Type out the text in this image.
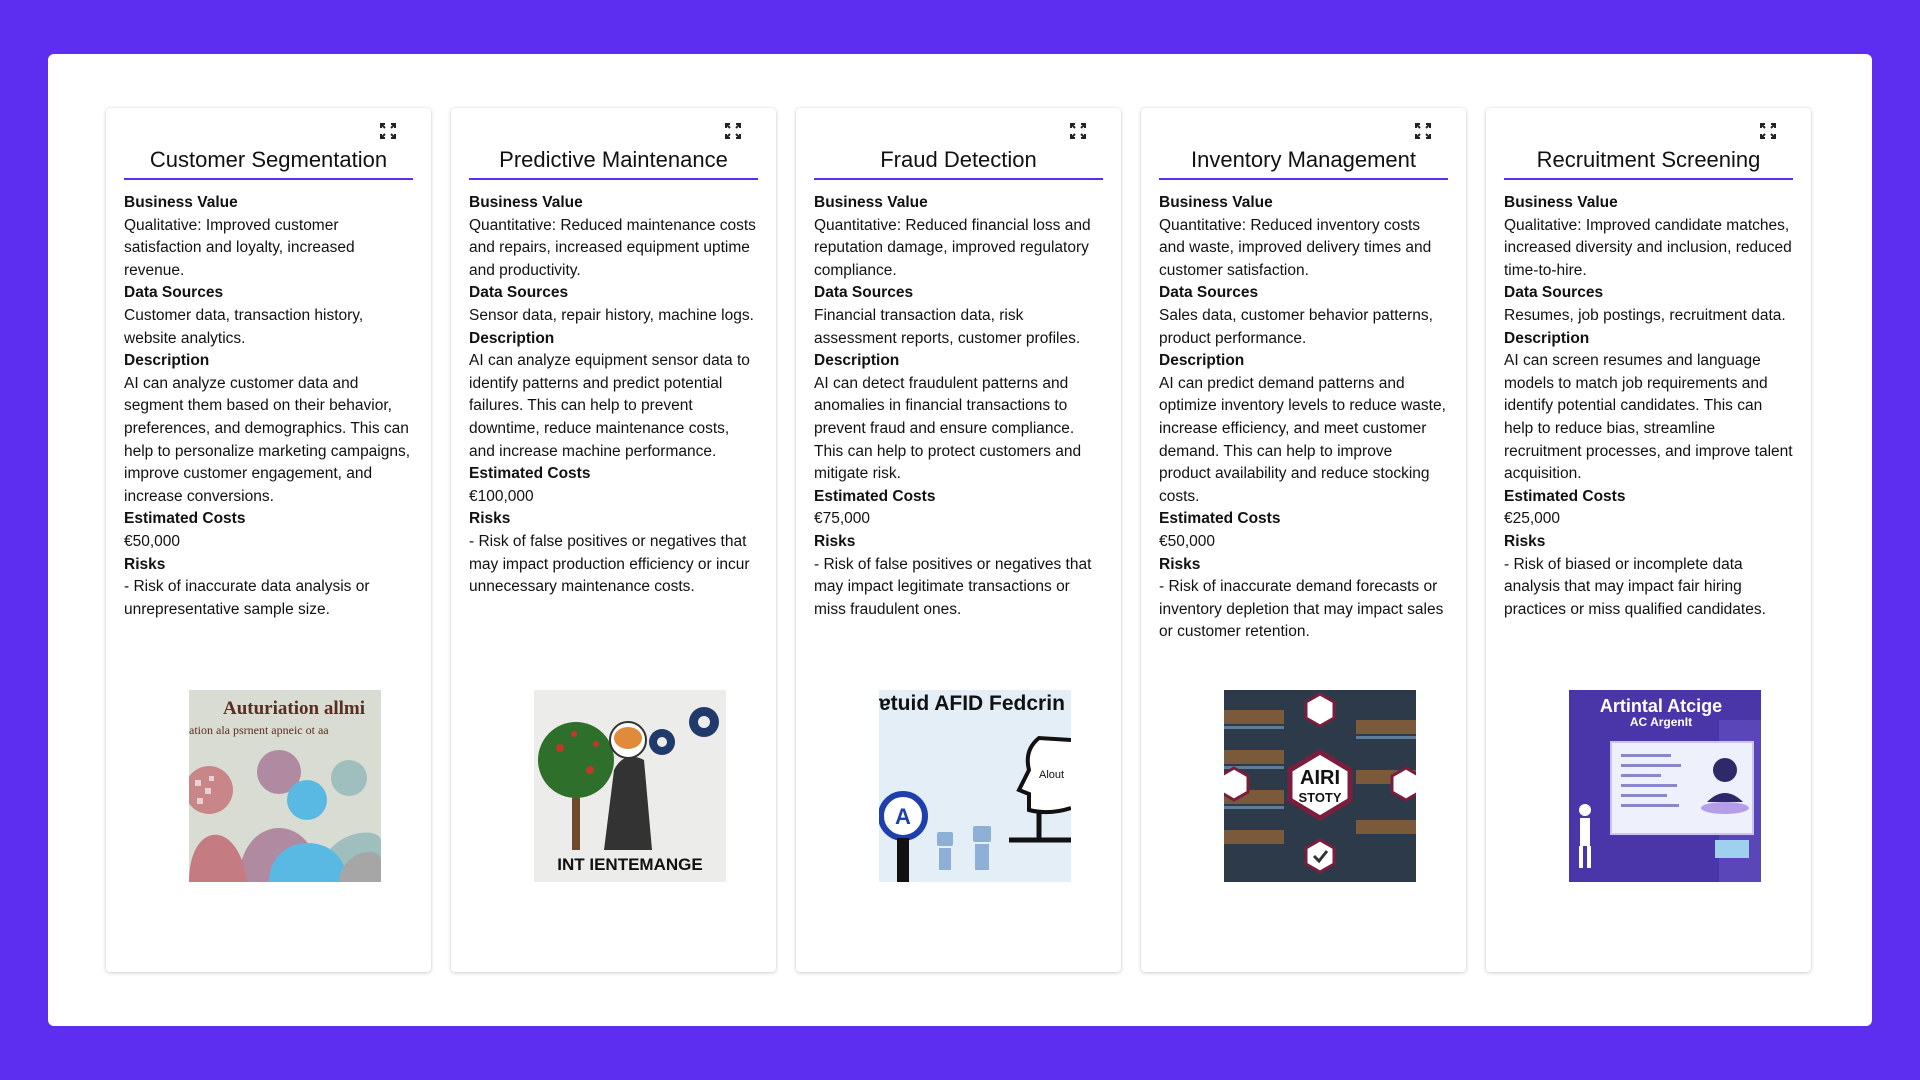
Customer Segmentation
Business Value
Qualitative: Improved customer satisfaction and loyalty, increased revenue.
Data Sources
Customer data, transaction history, website analytics.
Description
AI can analyze customer data and segment them based on their behavior, preferences, and demographics. This can help to personalize marketing campaigns, improve customer engagement, and increase conversions.
Estimated Costs
€50,000
Risks
- Risk of inaccurate data analysis or unrepresentative sample size.
Auturiation allmi
ation ala psrnent apneic ot aa
Predictive Maintenance
Business Value
Quantitative: Reduced maintenance costs and repairs, increased equipment uptime and productivity.
Data Sources
Sensor data, repair history, machine logs.
Description
AI can analyze equipment sensor data to identify patterns and predict potential failures. This can help to prevent downtime, reduce maintenance costs, and increase machine performance.
Estimated Costs
€100,000
Risks
- Risk of false positives or negatives that may impact production efficiency or incur unnecessary maintenance costs.
INT IENTEMANGE
Fraud Detection
Business Value
Quantitative: Reduced financial loss and reputation damage, improved regulatory compliance.
Data Sources
Financial transaction data, risk assessment reports, customer profiles.
Description
AI can detect fraudulent patterns and anomalies in financial transactions to prevent fraud and ensure compliance. This can help to protect customers and mitigate risk.
Estimated Costs
€75,000
Risks
- Risk of false positives or negatives that may impact legitimate transactions or miss fraudulent ones.
ɐtuid AFID Fedcrin
A
Alout
Inventory Management
Business Value
Quantitative: Reduced inventory costs and waste, improved delivery times and customer satisfaction.
Data Sources
Sales data, customer behavior patterns, product performance.
Description
AI can predict demand patterns and optimize inventory levels to reduce waste, increase efficiency, and meet customer demand. This can help to improve product availability and reduce stocking costs.
Estimated Costs
€50,000
Risks
- Risk of inaccurate demand forecasts or inventory depletion that may impact sales or customer retention.
AIRI
STOTY
Recruitment Screening
Business Value
Qualitative: Improved candidate matches, increased diversity and inclusion, reduced time-to-hire.
Data Sources
Resumes, job postings, recruitment data.
Description
AI can screen resumes and language models to match job requirements and identify potential candidates. This can help to reduce bias, streamline recruitment processes, and improve talent acquisition.
Estimated Costs
€25,000
Risks
- Risk of biased or incomplete data analysis that may impact fair hiring practices or miss qualified candidates.
Artintal Atcige
AC ArgenIt
